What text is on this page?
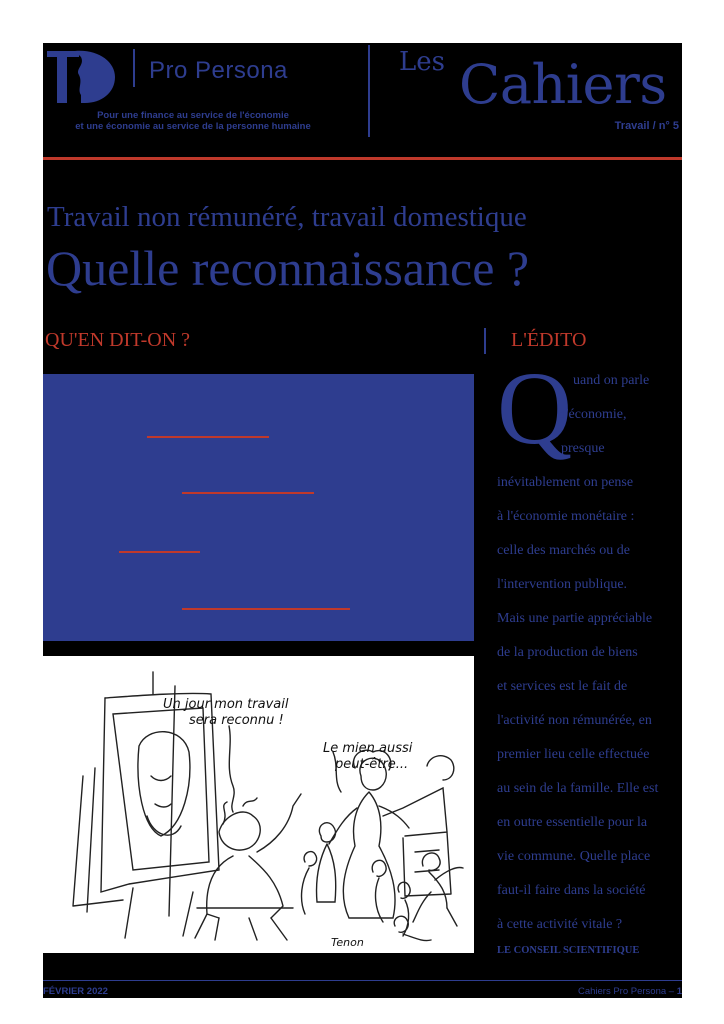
Pro Persona
Pour une finance au service de l'économie
et une économie au service de la personne humaine
Les Cahiers
Travail / n° 5
Travail non rémunéré, travail domestique
Quelle reconnaissance ?
QU'EN DIT-ON ?	L'ÉDITO
Un jour mon travail
sera reconnu !
Le mien aussi
peut-être...
Tenon
Q uand on parle
d'économie,
presque
inévitablement on pense
à l'économie monétaire :
celle des marchés ou de
l'intervention publique.
Mais une partie appréciable
de la production de biens
et services est le fait de
l'activité non rémunérée, en
premier lieu celle effectuée
au sein de la famille. Elle est
en outre essentielle pour la
vie commune. Quelle place
faut-il faire dans la société
à cette activité vitale ?
LE CONSEIL SCIENTIFIQUE
FÉVRIER 2022	Cahiers Pro Persona – 1
